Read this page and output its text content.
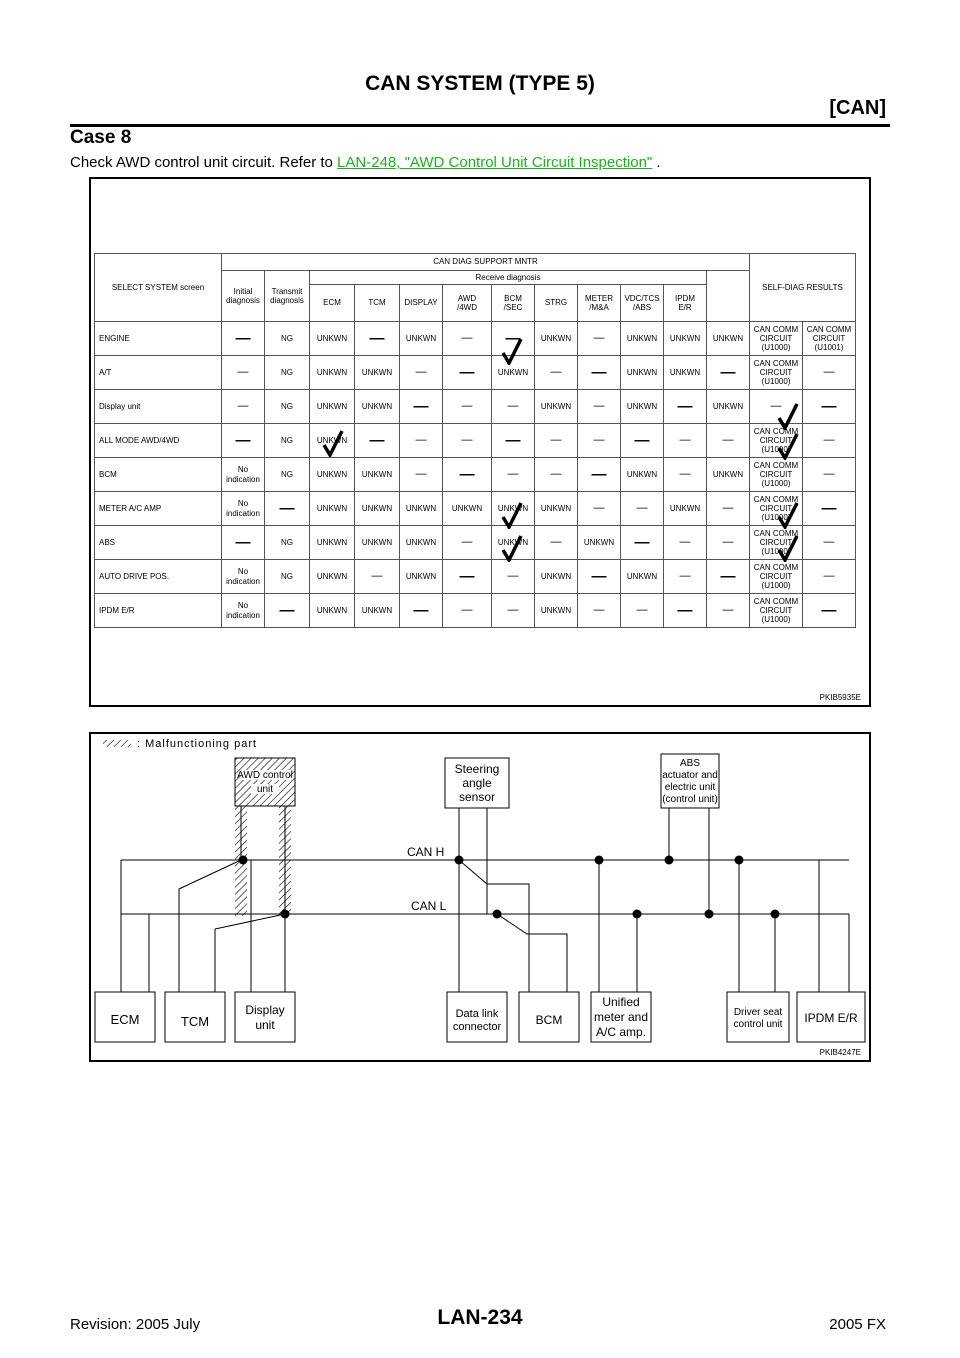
CAN SYSTEM (TYPE 5)
[CAN]
Case 8
Check AWD control unit circuit. Refer to LAN-248, "AWD Control Unit Circuit Inspection" .
SELECT SYSTEM screen	CAN DIAG SUPPORT MNTR												SELF-DIAG RESULTS	
	Initial
diagnosis	Transmit
diagnosis	Receive diagnosis											
			ECM	TCM	DISPLAY	AWD
/4WD	BCM
/SEC	STRG	METER
/M&A	VDC/TCS
/ABS	IPDM
E/R			
ENGINE	—	NG	UNKWN	—	UNKWN	—	—	UNKWN	—	UNKWN	UNKWN	UNKWN	CAN COMM
CIRCUIT
(U1000)	CAN COMM
CIRCUIT
(U1001)
A/T	—	NG	UNKWN	UNKWN	—	—	UNKWN	—	—	UNKWN	UNKWN	—	CAN COMM
CIRCUIT
(U1000)	—
Display unit	—	NG	UNKWN	UNKWN	—	—	—	UNKWN	—	UNKWN	—	UNKWN	—	—
ALL MODE AWD/4WD	—	NG	UNKWN	—	—	—	—	—	—	—	—	—	CAN COMM
CIRCUIT
(U1000)	—
BCM	No
indication	NG	UNKWN	UNKWN	—	—	—	—	—	UNKWN	—	UNKWN	CAN COMM
CIRCUIT
(U1000)	—
METER A/C AMP	No
indication	—	UNKWN	UNKWN	UNKWN	UNKWN	UNKWN	UNKWN	—	—	UNKWN	—	CAN COMM
CIRCUIT
(U1000)	—
ABS	—	NG	UNKWN	UNKWN	UNKWN	—	UNKWN	—	UNKWN	—	—	—	CAN COMM
CIRCUIT
(U1000)	—
AUTO DRIVE POS.	No
indication	NG	UNKWN	—	UNKWN	—	—	UNKWN	—	UNKWN	—	—	CAN COMM
CIRCUIT
(U1000)	—
IPDM E/R	No
indication	—	UNKWN	UNKWN	—	—	—	UNKWN	—	—	—	—	CAN COMM
CIRCUIT
(U1000)	—
PKIB5935E
: Malfunctioning part
CAN H
CAN L
AWD control
unit
Steering
angle
sensor
ABS
actuator and
electric unit
(control unit)
ECM	TCM
Display
unit
Data link
connector	BCM
Unified
meter and
A/C amp.
Driver seat
control unit IPDM E/R
PKIB4247E
Revision: 2005 July	LAN-234	2005 FX
